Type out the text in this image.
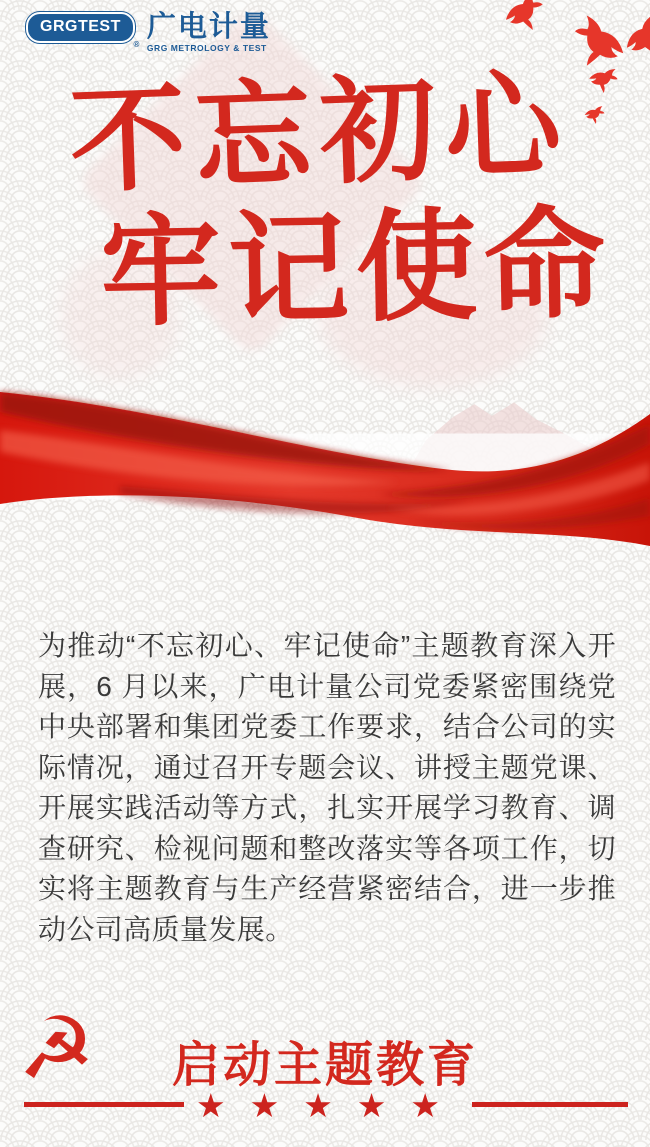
GRGTEST
®
广电计量
GRG METROLOGY & TEST
不忘初心
牢记使命

为推动“不忘初心、牢记使命”主题教育深入开展，6 月以来，广电计量公司党委紧密围绕党中央部署和集团党委工作要求，结合公司的实际情况，通过召开专题会议、讲授主题党课、开展实践活动等方式，扎实开展学习教育、调查研究、检视问题和整改落实等各项工作，切实将主题教育与生产经营紧密结合，进一步推动公司高质量发展。

☭	启动主题教育
★ ★ ★ ★ ★
